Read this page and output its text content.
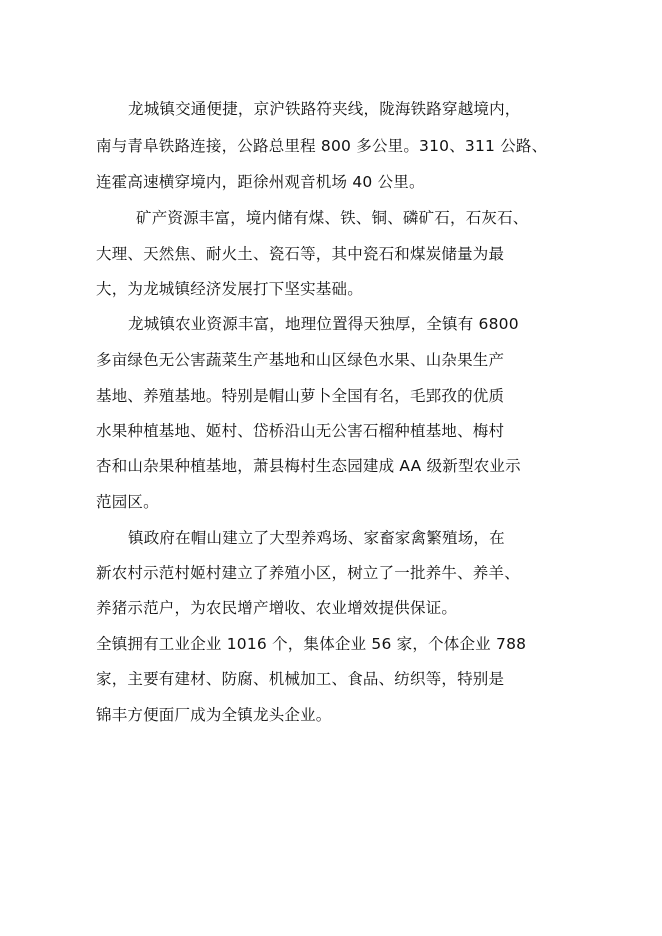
龙城镇交通便捷，京沪铁路符夹线，陇海铁路穿越境内，
南与青阜铁路连接，公路总里程 800 多公里。310、311 公路、
连霍高速横穿境内，距徐州观音机场 40 公里。
矿产资源丰富，境内储有煤、铁、铜、磷矿石，石灰石、
大理、天然焦、耐火土、瓷石等，其中瓷石和煤炭储量为最
大，为龙城镇经济发展打下坚实基础。
龙城镇农业资源丰富，地理位置得天独厚，全镇有 6800
多亩绿色无公害蔬菜生产基地和山区绿色水果、山杂果生产
基地、养殖基地。特别是帽山萝卜全国有名，毛郢孜的优质
水果种植基地、姬村、岱桥沿山无公害石榴种植基地、梅村
杏和山杂果种植基地，萧县梅村生态园建成 AA 级新型农业示
范园区。
镇政府在帽山建立了大型养鸡场、家畜家禽繁殖场，在
新农村示范村姬村建立了养殖小区，树立了一批养牛、养羊、
养猪示范户，为农民增产增收、农业增效提供保证。
全镇拥有工业企业 1016 个，集体企业 56 家，个体企业 788
家，主要有建材、防腐、机械加工、食品、纺织等，特别是
锦丰方便面厂成为全镇龙头企业。
